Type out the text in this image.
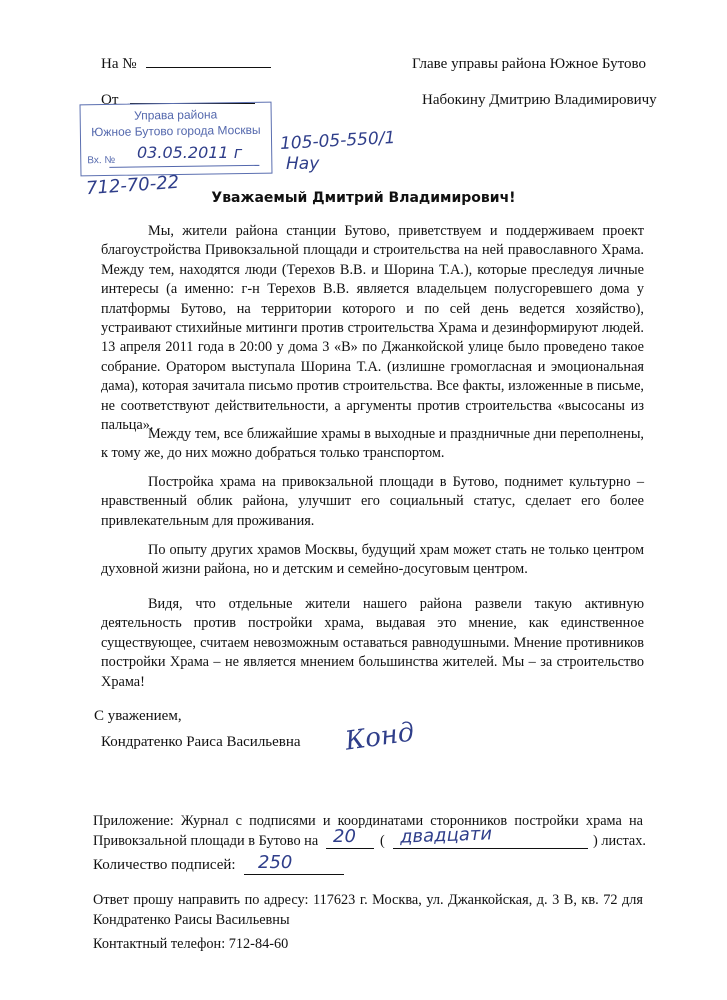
На №
От
Главе управы района Южное Бутово
Набокину Дмитрию Владимировичу
Управа района
Южное Бутово города Москвы
Вх. № 03.05.2011 г 105-05-550/1
Нау
712-70-22	Уважаемый Дмитрий Владимирович!

Мы, жители района станции Бутово, приветствуем и поддерживаем проект благоустройства Привокзальной площади и строительства на ней православного Храма. Между тем, находятся люди (Терехов В.В. и Шорина Т.А.), которые преследуя личные интересы (а именно: г-н Терехов В.В. является владельцем полусгоревшего дома у платформы Бутово, на территории которого и по сей день ведется хозяйство), устраивают стихийные митинги против строительства Храма и дезинформируют людей. 13 апреля 2011 года в 20:00 у дома 3 «В» по Джанкойской улице было проведено такое собрание. Оратором выступала Шорина Т.А. (излишне громогласная и эмоциональная дама), которая зачитала письмо против строительства. Все факты, изложенные в письме, не соответствуют действительности, а аргументы против строительства «высосаны из пальца».

Между тем, все ближайшие храмы в выходные и праздничные дни переполнены, к тому же, до них можно добраться только транспортом.

Постройка храма на привокзальной площади в Бутово, поднимет культурно – нравственный облик района, улучшит его социальный статус, сделает его более привлекательным для проживания.

По опыту других храмов Москвы, будущий храм может стать не только центром духовной жизни района, но и детским и семейно-досуговым центром.

Видя, что отдельные жители нашего района развели такую активную деятельность против постройки храма, выдавая это мнение, как единственное существующее, считаем невозможным оставаться равнодушными. Мнение противников постройки Храма – не является мнением большинства жителей. Мы – за строительство Храма!

С уважением,
Кондратенко Раиса Васильевна Конд
Приложение: Журнал с подписями и координатами сторонников постройки храма на
Привокзальной площади в Бутово на 20 ( двадцати	) листах.
Количество подписей: 250
Ответ прошу направить по адресу: 117623 г. Москва, ул. Джанкойская, д. 3 В, кв. 72 для
Кондратенко Раисы Васильевны
Контактный телефон: 712-84-60
